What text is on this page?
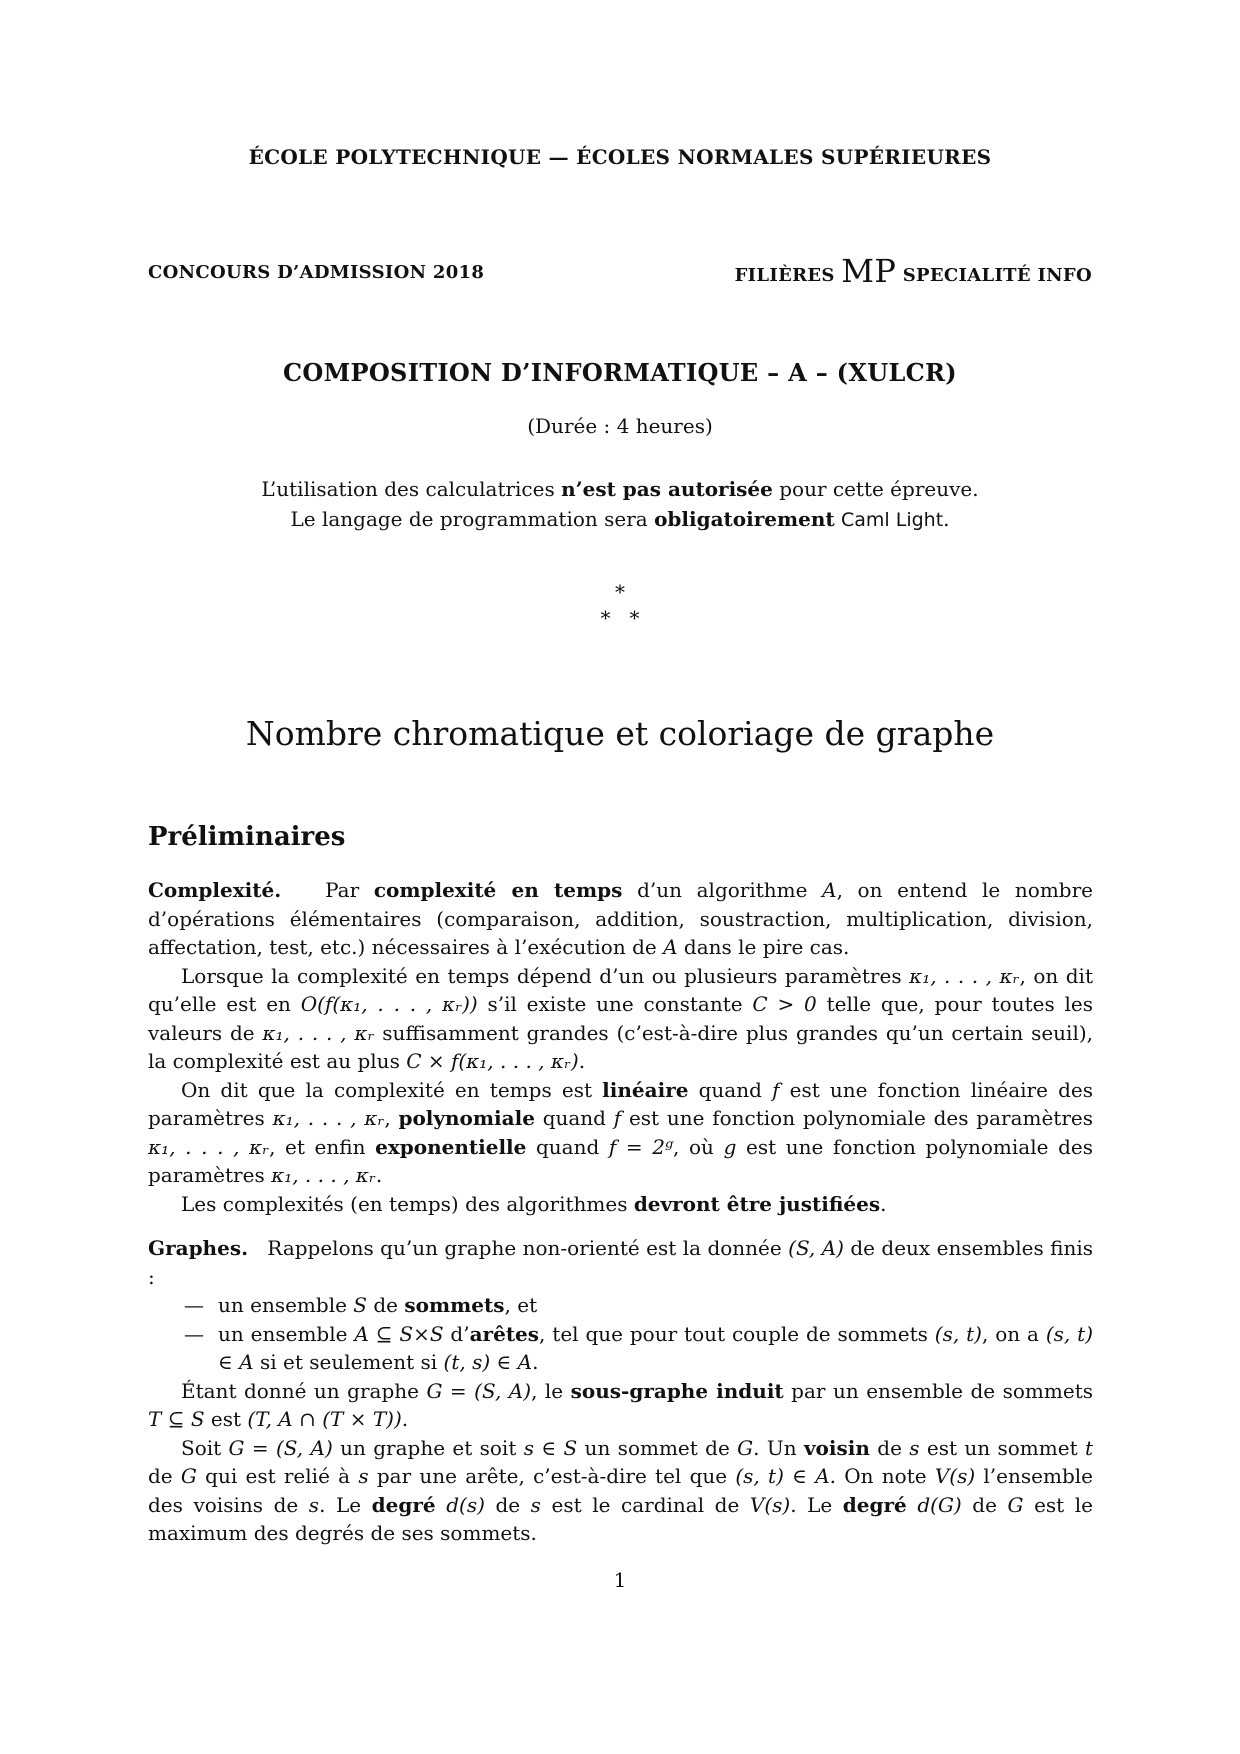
ÉCOLE POLYTECHNIQUE — ÉCOLES NORMALES SUPÉRIEURES
CONCOURS D’ADMISSION 2018	FILIÈRES MP SPECIALITÉ INFO
COMPOSITION D’INFORMATIQUE – A – (XULCR)
(Durée : 4 heures)
L’utilisation des calculatrices n’est pas autorisée pour cette épreuve.
Le langage de programmation sera obligatoirement Caml Light.
*
*   *
Nombre chromatique et coloriage de graphe
Préliminaires

Complexité. Par complexité en temps d’un algorithme A, on entend le nombre d’opérations élémentaires (comparaison, addition, soustraction, multiplication, division, affectation, test, etc.) nécessaires à l’exécution de A dans le pire cas.

Lorsque la complexité en temps dépend d’un ou plusieurs paramètres κ₁, . . . , κᵣ, on dit qu’elle est en O(f(κ₁, . . . , κᵣ)) s’il existe une constante C > 0 telle que, pour toutes les valeurs de κ₁, . . . , κᵣ suffisamment grandes (c’est-à-dire plus grandes qu’un certain seuil), la complexité est au plus C × f(κ₁, . . . , κᵣ).

On dit que la complexité en temps est linéaire quand f est une fonction linéaire des paramètres κ₁, . . . , κᵣ, polynomiale quand f est une fonction polynomiale des paramètres κ₁, . . . , κᵣ, et enfin exponentielle quand f = 2ᵍ, où g est une fonction polynomiale des paramètres κ₁, . . . , κᵣ.

Les complexités (en temps) des algorithmes devront être justifiées.

Graphes. Rappelons qu’un graphe non-orienté est la donnée (S, A) de deux ensembles finis :

— un ensemble S de sommets, et

— un ensemble A ⊆ S×S d’arêtes, tel que pour tout couple de sommets (s, t), on a (s, t) ∈ A si et seulement si (t, s) ∈ A.

Étant donné un graphe G = (S, A), le sous-graphe induit par un ensemble de sommets T ⊆ S est (T, A ∩ (T × T)).

Soit G = (S, A) un graphe et soit s ∈ S un sommet de G. Un voisin de s est un sommet t de G qui est relié à s par une arête, c’est-à-dire tel que (s, t) ∈ A. On note V(s) l’ensemble des voisins de s. Le degré d(s) de s est le cardinal de V(s). Le degré d(G) de G est le maximum des degrés de ses sommets.

1
